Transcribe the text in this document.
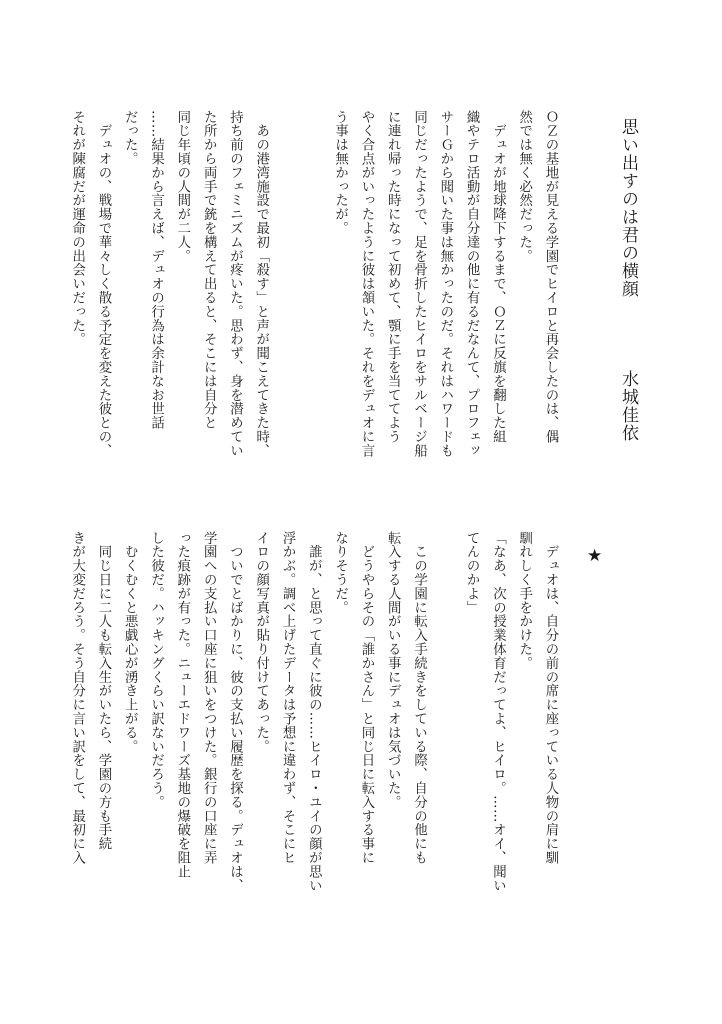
思い出すのは君の横顔
水城佳依
ＯＺの基地が見える学園でヒイロと再会したのは、偶
然では無く必然だった。
　デュオが地球降下するまで、ＯＺに反旗を翻した組
織やテロ活動が自分達の他に有るだなんて、プロフェッ
サーＧから聞いた事は無かったのだ。それはハワードも
同じだったようで、足を骨折したヒイロをサルベージ船
に連れ帰った時になって初めて、顎に手を当ててよう
やく合点がいったように彼は頷いた。それをデュオに言
う事は無かったが。

　あの港湾施設で最初「殺す」と声が聞こえてきた時、
持ち前のフェミニズムが疼いた。思わず、身を潜めてい
た所から両手で銃を構えて出ると、そこには自分と
同じ年頃の人間が二人。
……結果から言えば、デュオの行為は余計なお世話
だった。
　デュオの、戦場で華々しく散る予定を変えた彼との、
それが陳腐だが運命の出会いだった。
★
　デュオは、自分の前の席に座っている人物の肩に馴
馴れしく手をかけた。
「なあ、次の授業体育だってよ、ヒイロ。……オイ、聞い
てんのかよ」

　この学園に転入手続きをしている際、自分の他にも
転入する人間がいる事にデュオは気づいた。
　どうやらその「誰かさん」と同じ日に転入する事に
なりそうだ。
　誰が、と思って直ぐに彼の……ヒイロ・ユイの顔が思い
浮かぶ。調べ上げたデータは予想に違わず、そこにヒ
イロの顔写真が貼り付けてあった。
　ついでとばかりに、彼の支払い履歴を探る。デュオは、
学園への支払い口座に狙いをつけた。銀行の口座に弄
った痕跡が有った。ニューエドワーズ基地の爆破を阻止
した彼だ。ハッキングくらい訳ないだろう。
　むくむくと悪戯心が湧き上がる。
　同じ日に二人も転入生がいたら、学園の方も手続
きが大変だろう。そう自分に言い訳をして、最初に入
